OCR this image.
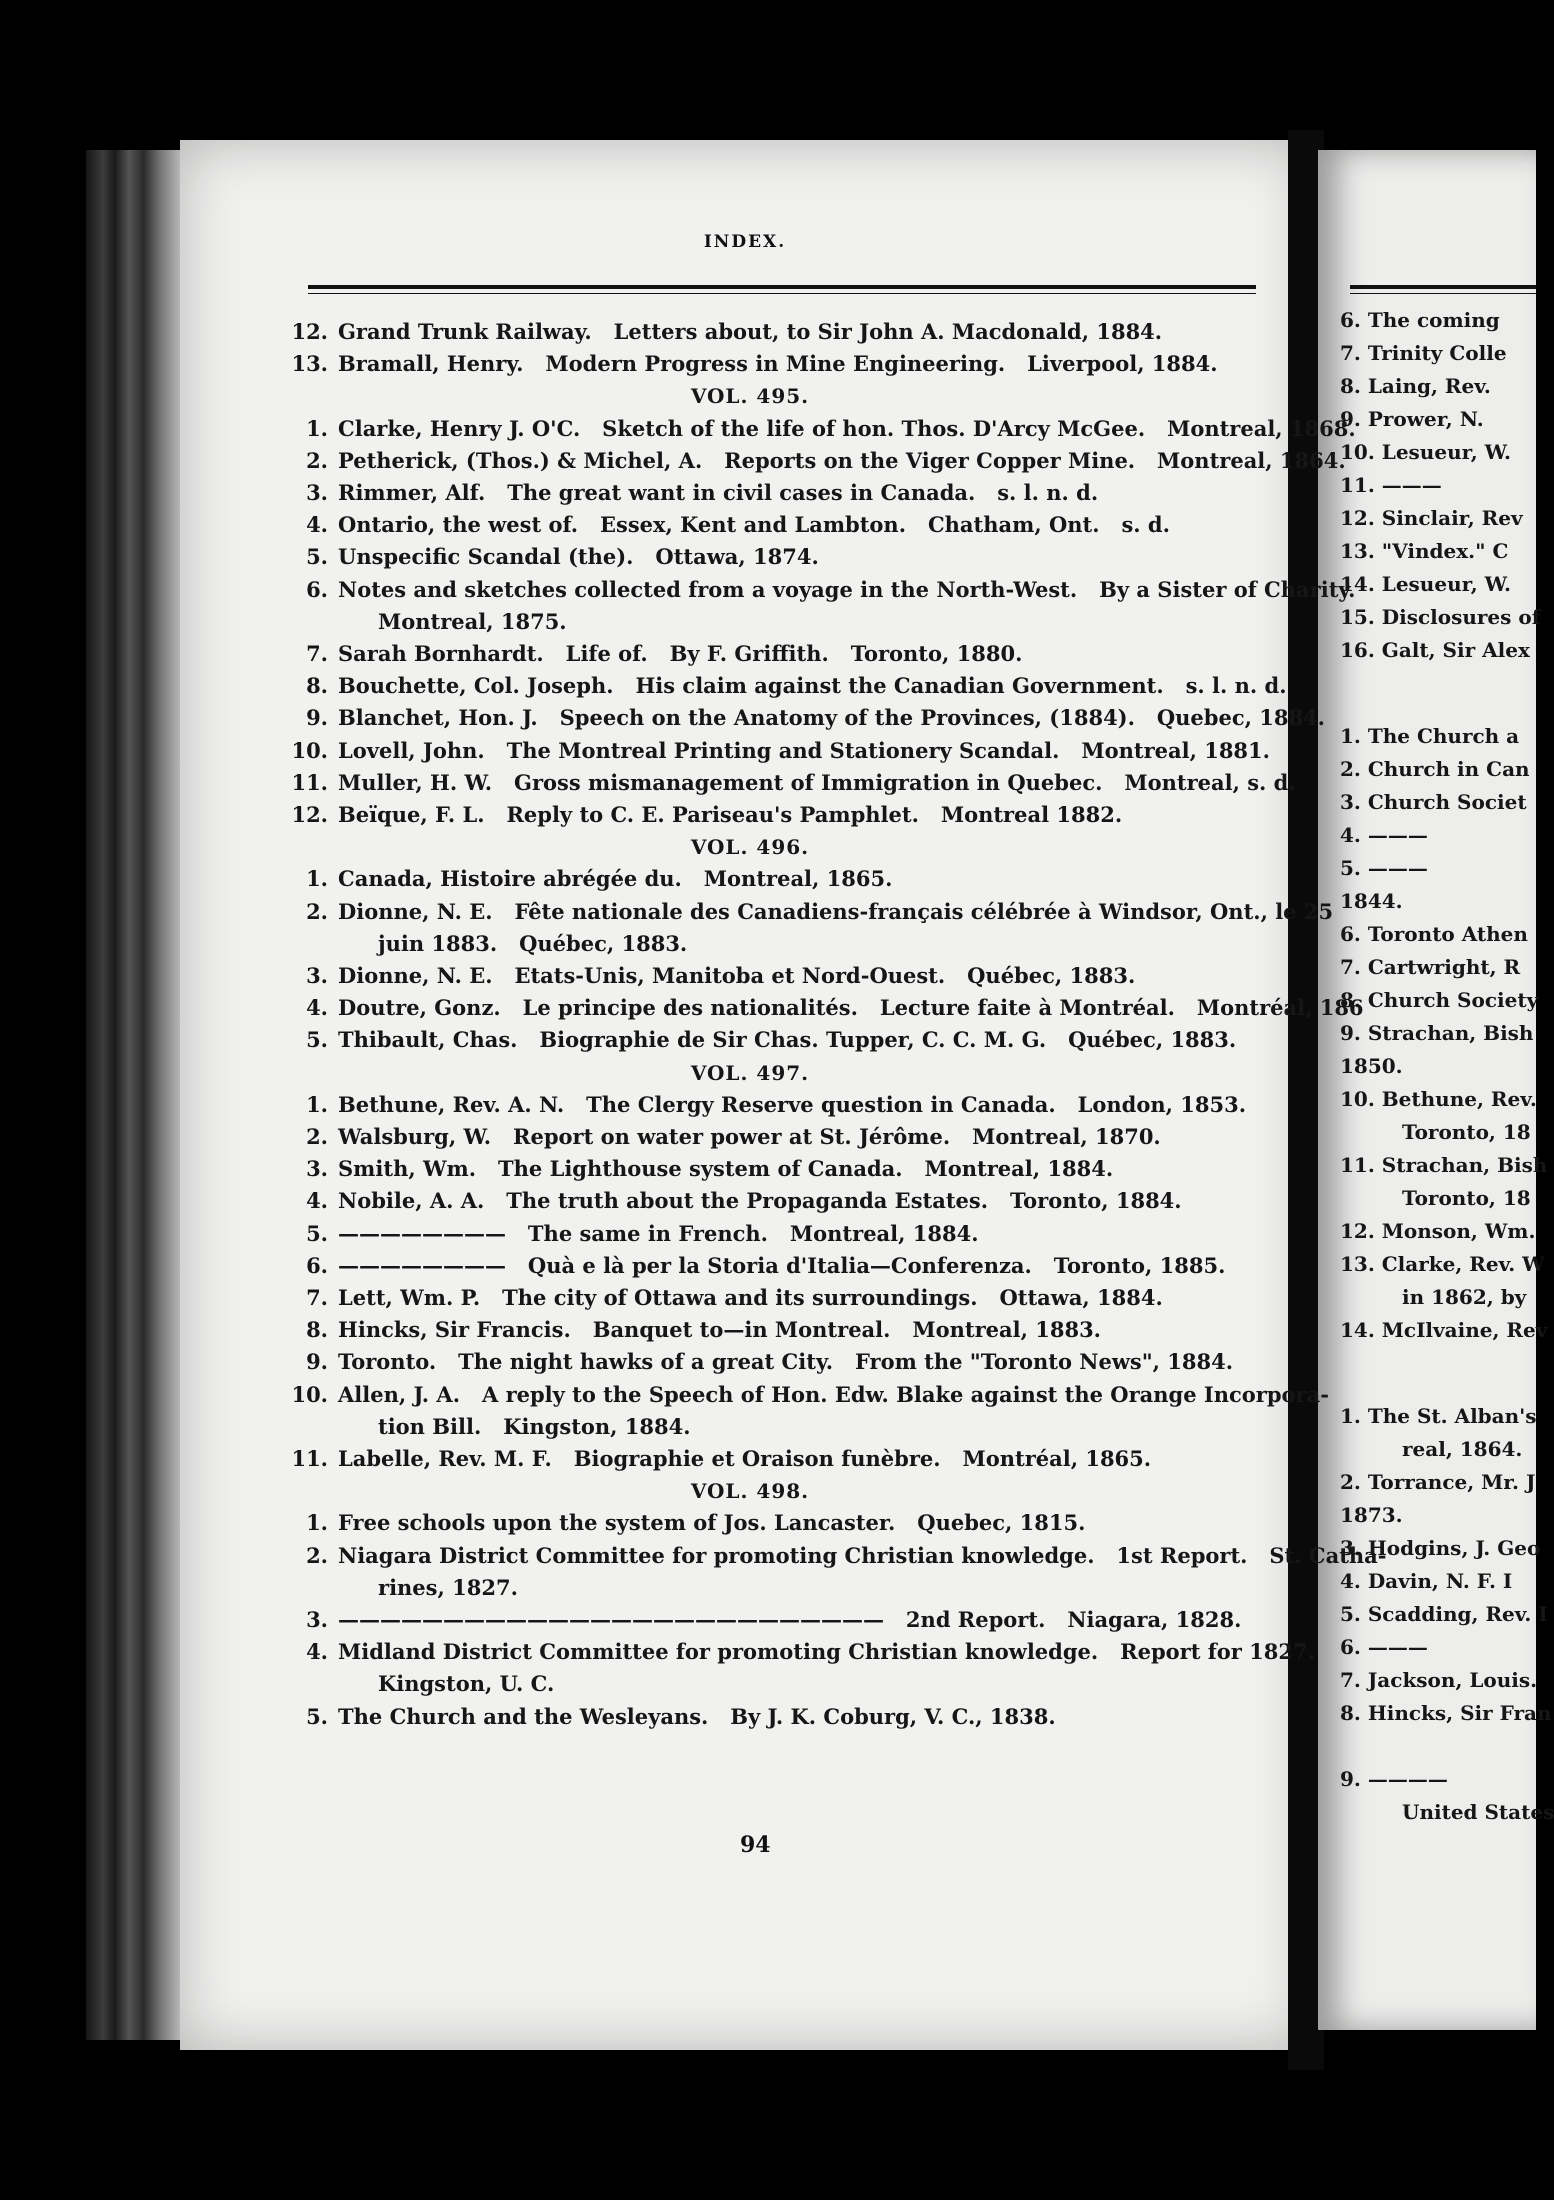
INDEX.
12. Grand Trunk Railway.   Letters about, to Sir John A. Macdonald, 1884.
13. Bramall, Henry.   Modern Progress in Mine Engineering.   Liverpool, 1884.
VOL. 495.
1. Clarke, Henry J. O'C.   Sketch of the life of hon. Thos. D'Arcy McGee.   Montreal, 1868.
2. Petherick, (Thos.) & Michel, A.   Reports on the Viger Copper Mine.   Montreal, 1864.
3. Rimmer, Alf.   The great want in civil cases in Canada.   s. l. n. d.
4. Ontario, the west of.   Essex, Kent and Lambton.   Chatham, Ont.   s. d.
5. Unspecific Scandal (the).   Ottawa, 1874.
6. Notes and sketches collected from a voyage in the North-West.   By a Sister of Charity.
Montreal, 1875.
7. Sarah Bornhardt.   Life of.   By F. Griffith.   Toronto, 1880.
8. Bouchette, Col. Joseph.   His claim against the Canadian Government.   s. l. n. d.
9. Blanchet, Hon. J.   Speech on the Anatomy of the Provinces, (1884).   Quebec, 1884.
10. Lovell, John.   The Montreal Printing and Stationery Scandal.   Montreal, 1881.
11. Muller, H. W.   Gross mismanagement of Immigration in Quebec.   Montreal, s. d.
12. Beïque, F. L.   Reply to C. E. Pariseau's Pamphlet.   Montreal 1882.
VOL. 496.
1. Canada, Histoire abrégée du.   Montreal, 1865.
2. Dionne, N. E.   Fête nationale des Canadiens-français célébrée à Windsor, Ont., le 25
juin 1883.   Québec, 1883.
3. Dionne, N. E.   Etats-Unis, Manitoba et Nord-Ouest.   Québec, 1883.
4. Doutre, Gonz.   Le principe des nationalités.   Lecture faite à Montréal.   Montréal, 186
5. Thibault, Chas.   Biographie de Sir Chas. Tupper, C. C. M. G.   Québec, 1883.
VOL. 497.
1. Bethune, Rev. A. N.   The Clergy Reserve question in Canada.   London, 1853.
2. Walsburg, W.   Report on water power at St. Jérôme.   Montreal, 1870.
3. Smith, Wm.   The Lighthouse system of Canada.   Montreal, 1884.
4. Nobile, A. A.   The truth about the Propaganda Estates.   Toronto, 1884.
5. ————————   The same in French.   Montreal, 1884.
6. ————————   Quà e là per la Storia d'Italia—Conferenza.   Toronto, 1885.
7. Lett, Wm. P.   The city of Ottawa and its surroundings.   Ottawa, 1884.
8. Hincks, Sir Francis.   Banquet to—in Montreal.   Montreal, 1883.
9. Toronto.   The night hawks of a great City.   From the "Toronto News", 1884.
10. Allen, J. A.   A reply to the Speech of Hon. Edw. Blake against the Orange Incorpora-
tion Bill.   Kingston, 1884.
11. Labelle, Rev. M. F.   Biographie et Oraison funèbre.   Montréal, 1865.
VOL. 498.
1. Free schools upon the system of Jos. Lancaster.   Quebec, 1815.
2. Niagara District Committee for promoting Christian knowledge.   1st Report.   St. Catha-
rines, 1827.
3. ——————————————————————————   2nd Report.   Niagara, 1828.
4. Midland District Committee for promoting Christian knowledge.   Report for 1827.
Kingston, U. C.
5. The Church and the Wesleyans.   By J. K. Coburg, V. C., 1838.
6. The coming
7. Trinity Colle
8. Laing, Rev.
9. Prower, N.
10. Lesueur, W.
11. ———
12. Sinclair, Rev
13. "Vindex." C
14. Lesueur, W.
15. Disclosures of
16. Galt, Sir Alex
1. The Church a
2. Church in Can
3. Church Societ
4. ———
5. ———
1844.
6. Toronto Athen
7. Cartwright, R
8. Church Society
9. Strachan, Bish
1850.
10. Bethune, Rev.
Toronto, 18
11. Strachan, Bish
Toronto, 18
12. Monson, Wm.
13. Clarke, Rev. W
in 1862, by
14. McIlvaine, Rev
1. The St. Alban's
real, 1864.
2. Torrance, Mr. J
1873.
3. Hodgins, J. Geo
4. Davin, N. F. I
5. Scadding, Rev. I
6. ———
7. Jackson, Louis.
8. Hincks, Sir Fran
9. ————
United States
94
